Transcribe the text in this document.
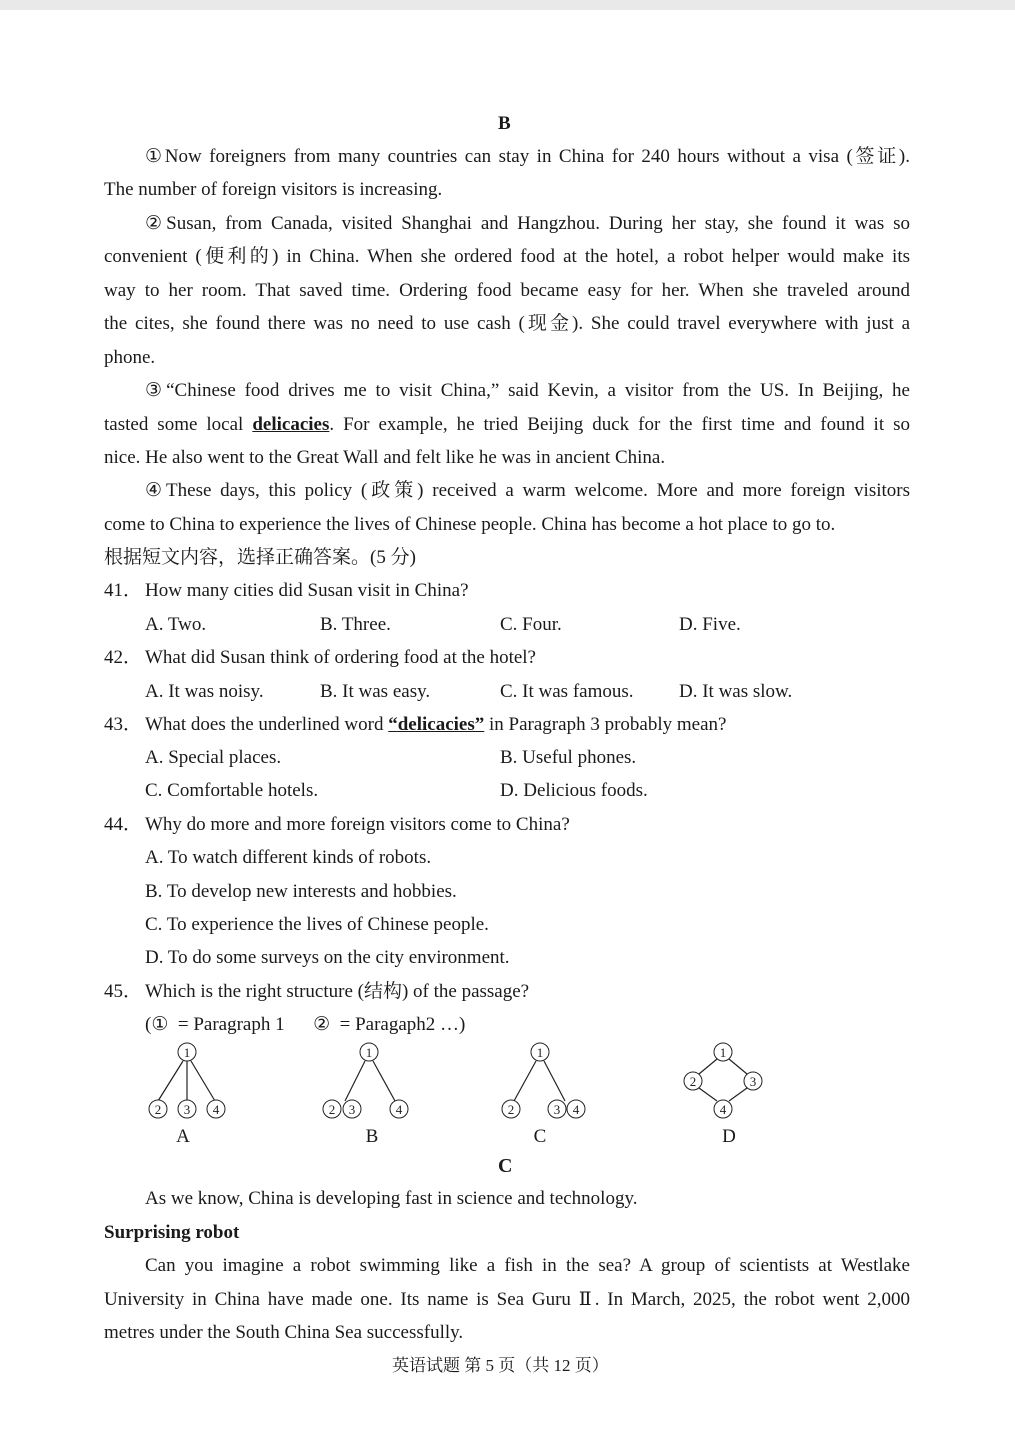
B
①Now foreigners from many countries can stay in China for 240 hours without a visa (签证).
The number of foreign visitors is increasing.
②Susan, from Canada, visited Shanghai and Hangzhou. During her stay, she found it was so
convenient (便利的) in China. When she ordered food at the hotel, a robot helper would make its
way to her room. That saved time. Ordering food became easy for her. When she traveled around
the cites, she found there was no need to use cash (现金). She could travel everywhere with just a
phone.
③“Chinese food drives me to visit China,” said Kevin, a visitor from the US. In Beijing, he
tasted some local delicacies. For example, he tried Beijing duck for the first time and found it so
nice. He also went to the Great Wall and felt like he was in ancient China.
④These days, this policy (政策) received a warm welcome. More and more foreign visitors
come to China to experience the lives of Chinese people. China has become a hot place to go to.
根据短文内容，选择正确答案。(5 分)
41． How many cities did Susan visit in China?
A. Two.	B. Three.	C. Four.	D. Five.
42． What did Susan think of ordering food at the hotel?
A. It was noisy.	B. It was easy.	C. It was famous. D. It was slow.
43． What does the underlined word “delicacies” in Paragraph 3 probably mean?
A. Special places.	B. Useful phones.
C. Comfortable hotels.	D. Delicious foods.
44． Why do more and more foreign visitors come to China?
A. To watch different kinds of robots.
B. To develop new interests and hobbies.
C. To experience the lives of Chinese people.
D. To do some surveys on the city environment.
45． Which is the right structure (结构) of the passage?
(①  = Paragraph 1      ②  = Paragaph2 …)
1
2 3 4
1
2 3	4
1
2	3 4
1
2	3
4
A	B	C	D
C
As we know, China is developing fast in science and technology.
Surprising robot
Can you imagine a robot swimming like a fish in the sea? A group of scientists at Westlake
University in China have made one. Its name is Sea Guru Ⅱ. In March, 2025, the robot went 2,000
metres under the South China Sea successfully.
英语试题 第 5 页（共 12 页）
